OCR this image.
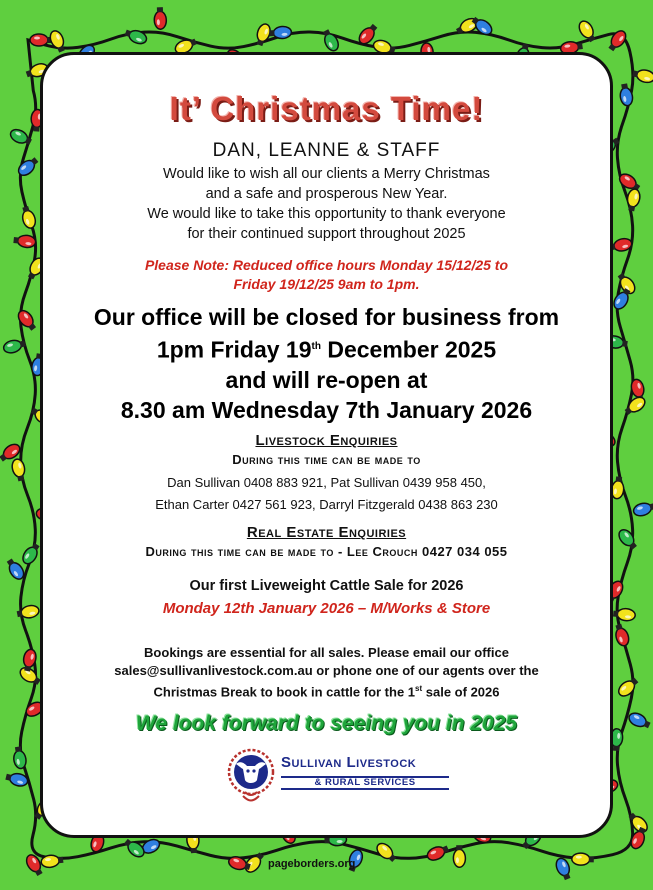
It’ Christmas Time!
DAN, LEANNE & STAFF
Would like to wish all our clients a Merry Christmas
and a safe and prosperous New Year.
We would like to take this opportunity to thank everyone
for their continued support throughout 2025
Please Note: Reduced office hours Monday 15/12/25 to
Friday 19/12/25 9am to 1pm.
Our office will be closed for business from
1pm Friday 19th December 2025
and will re-open at
8.30 am Wednesday 7th January 2026
Livestock Enquiries
During this time can be made to
Dan Sullivan 0408 883 921, Pat Sullivan 0439 958 450,
Ethan Carter 0427 561 923, Darryl Fitzgerald 0438 863 230
Real Estate Enquiries
During this time can be made to - Lee Crouch 0427 034 055
Our first Liveweight Cattle Sale for 2026
Monday 12th January 2026 – M/Works & Store
Bookings are essential for all sales. Please email our office
sales@sullivanlivestock.com.au or phone one of our agents over the
Christmas Break to book in cattle for the 1st sale of 2026
We look forward to seeing you in 2025
Sullivan Livestock
& RURAL SERVICES
pageborders.org
